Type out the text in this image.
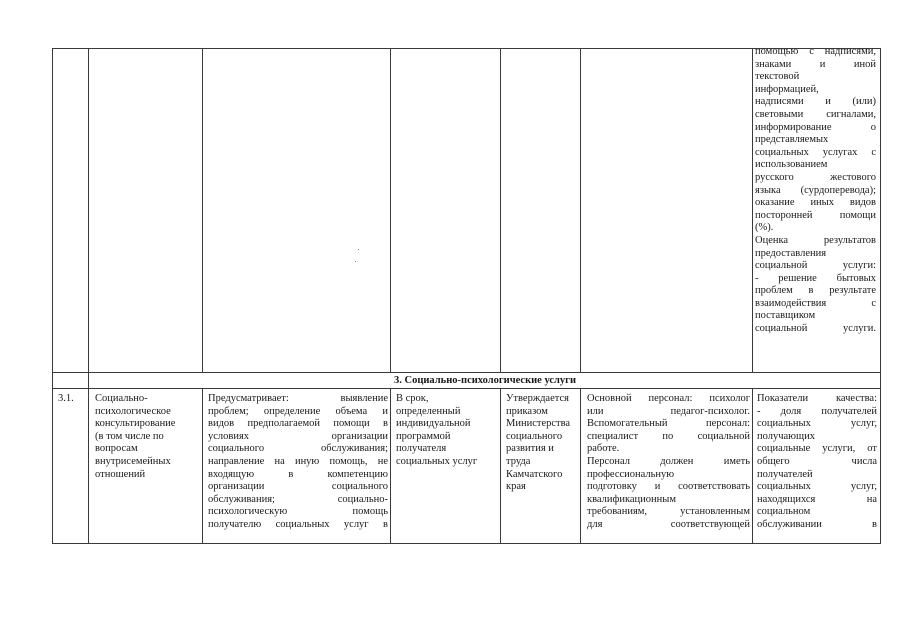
помощью с надписями,

знаками и иной

текстовой

информацией,

надписями и (или)

световыми сигналами,

информирование о

представляемых

социальных услугах с

использованием

русского жестового

языка (сурдоперевода);

оказание иных видов

посторонней помощи

(%).

Оценка результатов

предоставления

социальной услуги:

- решение бытовых

проблем в результате

взаимодействия с

поставщиком

социальной услуги.

3. Социально-психологические услуги
3.1.	Социально-
психологическое
консультирование
(в том числе по
вопросам
внутрисемейных
отношений

Предусматривает: выявление

проблем; определение объема и

видов предполагаемой помощи в

условиях организации

социального обслуживания;

направление на иную помощь, не

входящую в компетенцию

организации социального

обслуживания; социально-

психологическую помощь

получателю социальных услуг в

В срок,
определенный
индивидуальной
программой
получателя
социальных услуг
Утверждается
приказом
Министерства
социального
развития и
труда
Камчатского
края

Основной персонал: психолог

или педагог-психолог.

Вспомогательный персонал:

специалист по социальной

работе.

Персонал должен иметь

профессиональную

подготовку и соответствовать

квалификационным

требованиям, установленным

для соответствующей

Показатели качества:

- доля получателей

социальных услуг,

получающих

социальные услуги, от

общего числа

получателей

социальных услуг,

находящихся на

социальном

обслуживании в
